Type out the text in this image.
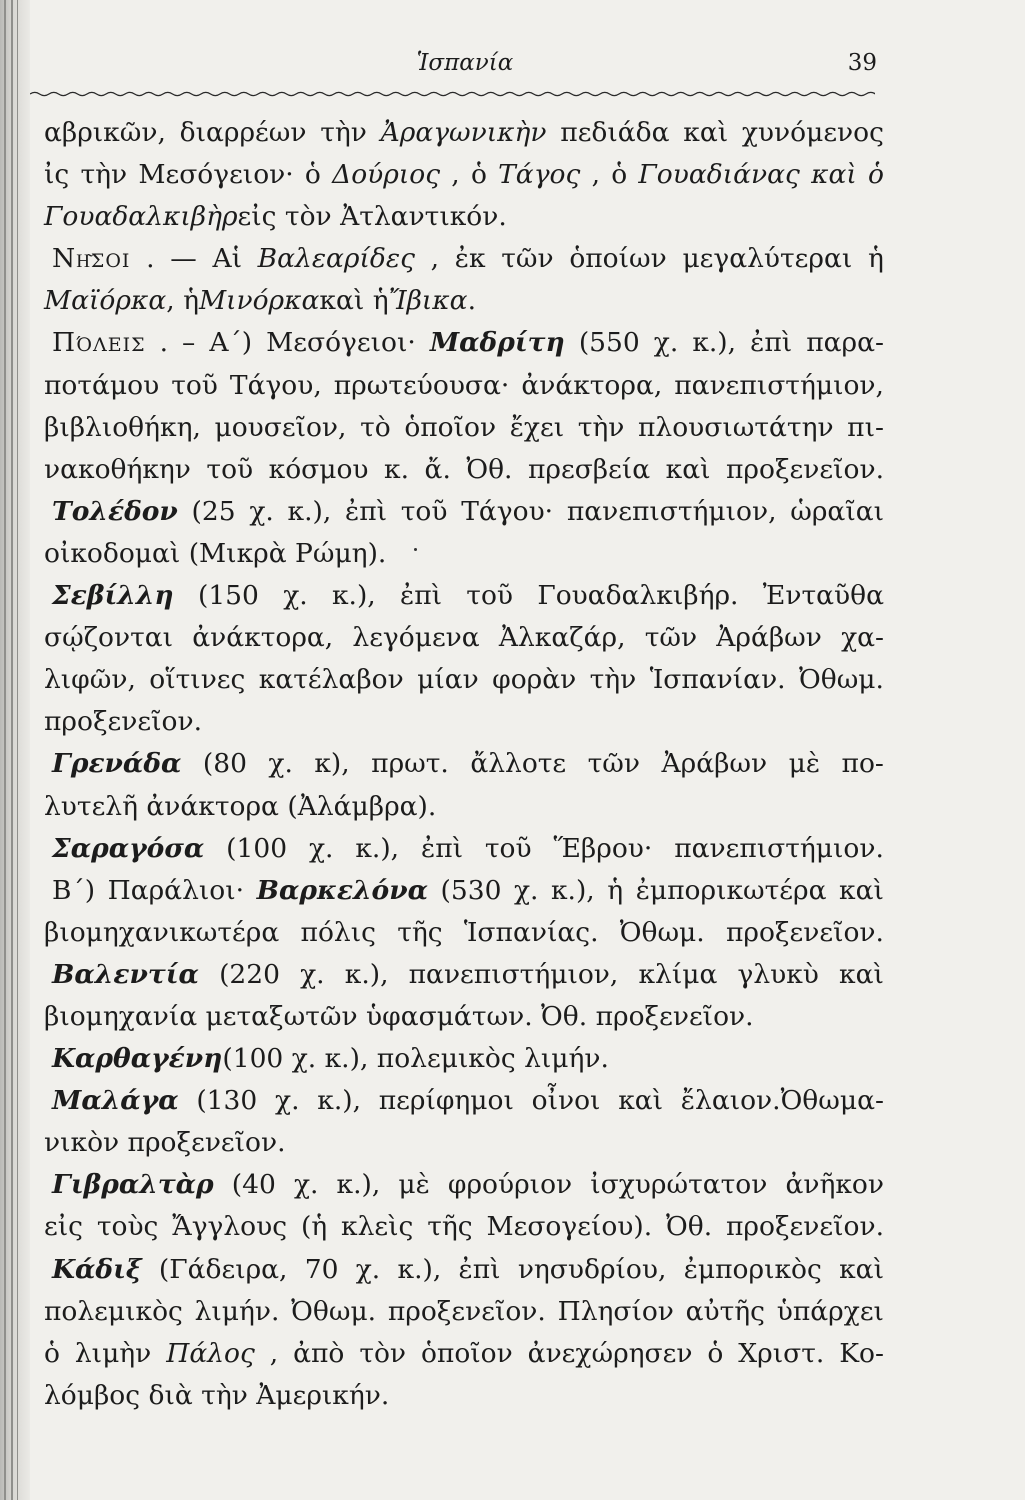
Ἱσπανία	39
αβρικῶν, διαρρέων τὴν Ἀραγωνικὴν πεδιάδα καὶ χυνόμενος
ἰς τὴν Μεσόγειον· ὁ Δούριος , ὁ Τάγος , ὁ Γουαδιάνας καὶ ὁ
Γουαδαλκιβὴρ εἰς τὸν Ἀτλαντικόν.
Νῆσοι . — Αἱ Βαλεαρίδες , ἐκ τῶν ὁποίων μεγαλύτεραι ἡ
Μαϊόρκα , ἡ Μινόρκα καὶ ἡ Ἴβικα .
Πόλεις . – Α΄) Μεσόγειοι· Μαδρίτη (550 χ. κ.), ἐπὶ παρα-
ποτάμου τοῦ Τάγου, πρωτεύουσα· ἀνάκτορα, πανεπιστήμιον,
βιβλιοθήκη, μουσεῖον, τὸ ὁποῖον ἔχει τὴν πλουσιωτάτην πι-
νακοθήκην τοῦ κόσμου κ. ἄ. Ὀθ. πρεσβεία καὶ προξενεῖον.
Τολέδον (25 χ. κ.), ἐπὶ τοῦ Τάγου· πανεπιστήμιον, ὡραῖαι
οἰκοδομαὶ (Μικρὰ Ρώμη).
Σεβίλλη (150 χ. κ.), ἐπὶ τοῦ Γουαδαλκιβήρ. Ἐνταῦθα
σῴζονται ἀνάκτορα, λεγόμενα Ἀλκαζάρ, τῶν Ἀράβων χα-
λιφῶν, οἵτινες κατέλαβον μίαν φορὰν τὴν Ἱσπανίαν. Ὀθωμ.
προξενεῖον.
Γρενάδα (80 χ. κ), πρωτ. ἄλλοτε τῶν Ἀράβων μὲ πο-
λυτελῆ ἀνάκτορα (Ἀλάμβρα).
Σαραγόσα (100 χ. κ.), ἐπὶ τοῦ Ἕβρου· πανεπιστήμιον.
Β΄) Παράλιοι· Βαρκελόνα (530 χ. κ.), ἡ ἐμπορικωτέρα καὶ
βιομηχανικωτέρα πόλις τῆς Ἱσπανίας. Ὀθωμ. προξενεῖον.
Βαλεντία (220 χ. κ.), πανεπιστήμιον, κλίμα γλυκὺ καὶ
βιομηχανία μεταξωτῶν ὑφασμάτων. Ὀθ. προξενεῖον.
Καρθαγένη (100 χ. κ.), πολεμικὸς λιμήν.
Μαλάγα (130 χ. κ.), περίφημοι οἶνοι καὶ ἔλαιον.Ὀθωμα-
νικὸν προξενεῖον.
Γιβραλτὰρ (40 χ. κ.), μὲ φρούριον ἰσχυρώτατον ἀνῆκον
εἰς τοὺς Ἄγγλους (ἡ κλεὶς τῆς Μεσογείου). Ὀθ. προξενεῖον.
Κάδιξ (Γάδειρα, 70 χ. κ.), ἐπὶ νησυδρίου, ἐμπορικὸς καὶ
πολεμικὸς λιμήν. Ὀθωμ. προξενεῖον. Πλησίον αὐτῆς ὑπάρχει
ὁ λιμὴν Πάλος , ἀπὸ τὸν ὁποῖον ἀνεχώρησεν ὁ Χριστ. Κο-
λόμβος διὰ τὴν Ἀμερικήν.
